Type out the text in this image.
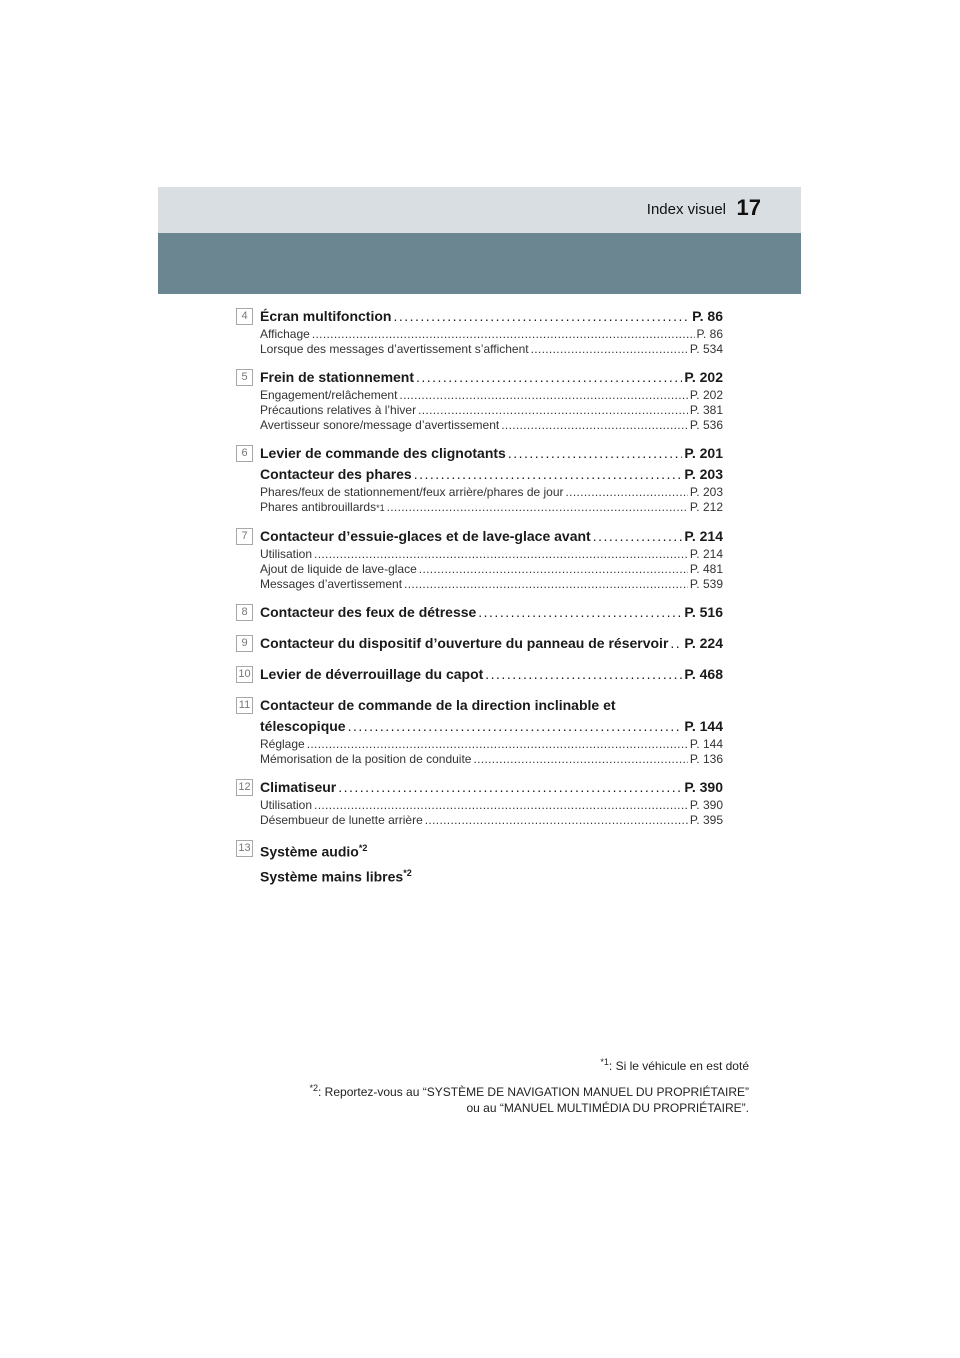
Index visuel 17
4 Écran multifonction . . .	P. 86
Affichage . . .	P. 86
Lorsque des messages d’avertissement s’affichent . . .	P. 534
5 Frein de stationnement . . .	P. 202
Engagement/relâchement . . .	P. 202
Précautions relatives à l’hiver . . .	P. 381
Avertisseur sonore/message d’avertissement . . .	P. 536
6 Levier de commande des clignotants . . .	P. 201
Contacteur des phares . . .	P. 203
Phares/feux de stationnement/feux arrière/phares de jour . . .	P. 203
Phares antibrouillards *1 . . .	P. 212
7 Contacteur d’essuie-glaces et de lave-glace avant . . .	P. 214
Utilisation . . .	P. 214
Ajout de liquide de lave-glace . . .	P. 481
Messages d’avertissement . . .	P. 539
8 Contacteur des feux de détresse . . .	P. 516
9 Contacteur du dispositif d’ouverture du panneau de réservoir . . . P. 224
10 Levier de déverrouillage du capot . . .	P. 468
11 Contacteur de commande de la direction inclinable et
télescopique . . .	P. 144
Réglage . . .	P. 144
Mémorisation de la position de conduite . . .	P. 136
12 Climatiseur . . .	P. 390
Utilisation . . .	P. 390
Désembueur de lunette arrière . . .	P. 395
13 Système audio$^{*2}$
Système mains libres$^{*2}$

$^{*1}$: Si le véhicule en est doté

$^{*2}$: Reportez-vous au “SYSTÈME DE NAVIGATION MANUEL DU PROPRIÉTAIRE”
ou au “MANUEL MULTIMÉDIA DU PROPRIÉTAIRE”.
